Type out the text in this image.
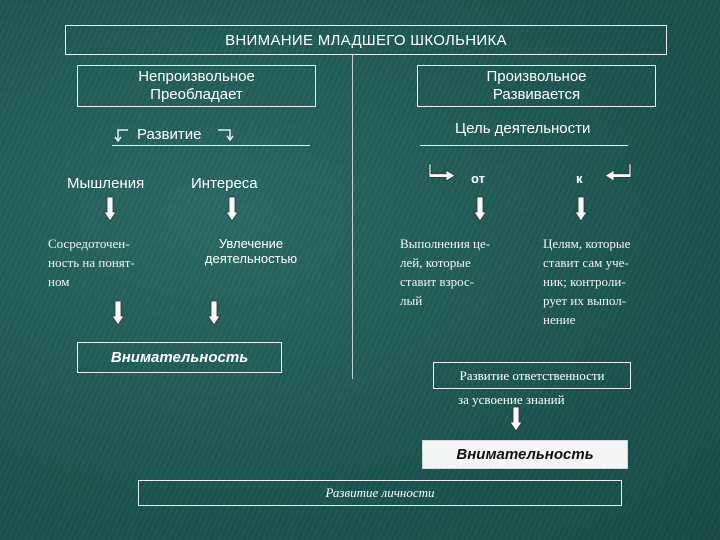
ВНИМАНИЕ МЛАДШЕГО ШКОЛЬНИКА
Непроизвольное
Преобладает
Развитие
Мышления	Интереса
Сосредоточен-
ность на понят-
ном
Увлечение
деятельностью
Внимательность
Произвольное
Развивается
Цель деятельности
от	к
Выполнения це-
лей, которые
ставит взрос-
лый
Целям, которые
ставит сам уче-
ник; контроли-
рует их выпол-
нение
Развитие ответственности
за усвоение знаний
Внимательность
Развитие личности
